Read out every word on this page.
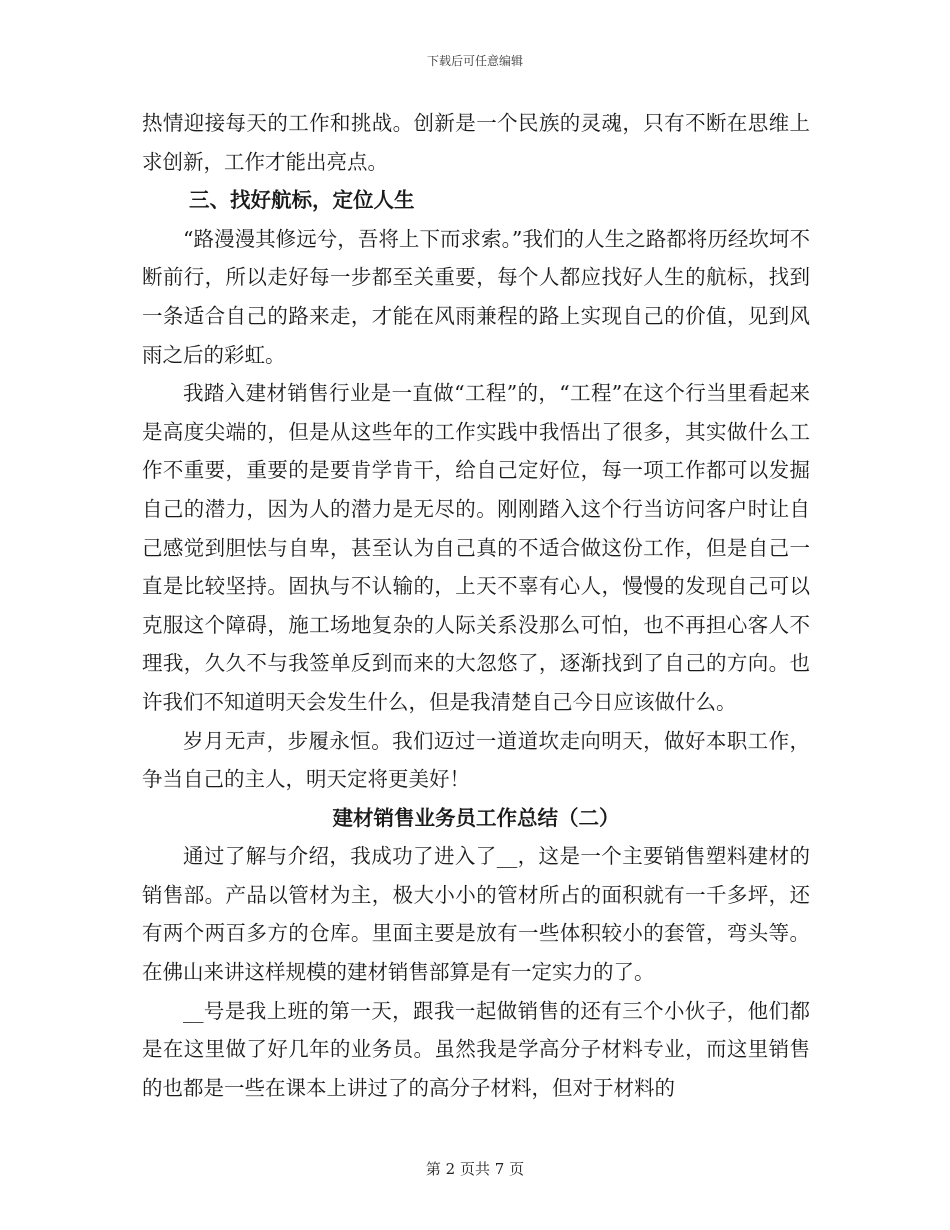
下载后可任意编辑

热情迎接每天的工作和挑战。创新是一个民族的灵魂，只有不断在思维上求创新，工作才能出亮点。

三、找好航标，定位人生

“路漫漫其修远兮，吾将上下而求索。”我们的人生之路都将历经坎坷不断前行，所以走好每一步都至关重要，每个人都应找好人生的航标，找到一条适合自己的路来走，才能在风雨兼程的路上实现自己的价值，见到风雨之后的彩虹。

我踏入建材销售行业是一直做“工程”的，“工程”在这个行当里看起来是高度尖端的，但是从这些年的工作实践中我悟出了很多，其实做什么工作不重要，重要的是要肯学肯干，给自己定好位，每一项工作都可以发掘自己的潜力，因为人的潜力是无尽的。刚刚踏入这个行当访问客户时让自己感觉到胆怯与自卑，甚至认为自己真的不适合做这份工作，但是自己一直是比较坚持。固执与不认输的，上天不辜有心人，慢慢的发现自己可以克服这个障碍，施工场地复杂的人际关系没那么可怕，也不再担心客人不理我，久久不与我签单反到而来的大忽悠了，逐渐找到了自己的方向。也许我们不知道明天会发生什么，但是我清楚自己今日应该做什么。

岁月无声，步履永恒。我们迈过一道道坎走向明天，做好本职工作，争当自己的主人，明天定将更美好！

建材销售业务员工作总结（二）

通过了解与介绍，我成功了进入了__，这是一个主要销售塑料建材的销售部。产品以管材为主，极大小小的管材所占的面积就有一千多坪，还有两个两百多方的仓库。里面主要是放有一些体积较小的套管，弯头等。在佛山来讲这样规模的建材销售部算是有一定实力的了。

__号是我上班的第一天，跟我一起做销售的还有三个小伙子，他们都是在这里做了好几年的业务员。虽然我是学高分子材料专业，而这里销售的也都是一些在课本上讲过了的高分子材料，但对于材料的

第 2 页共 7 页
